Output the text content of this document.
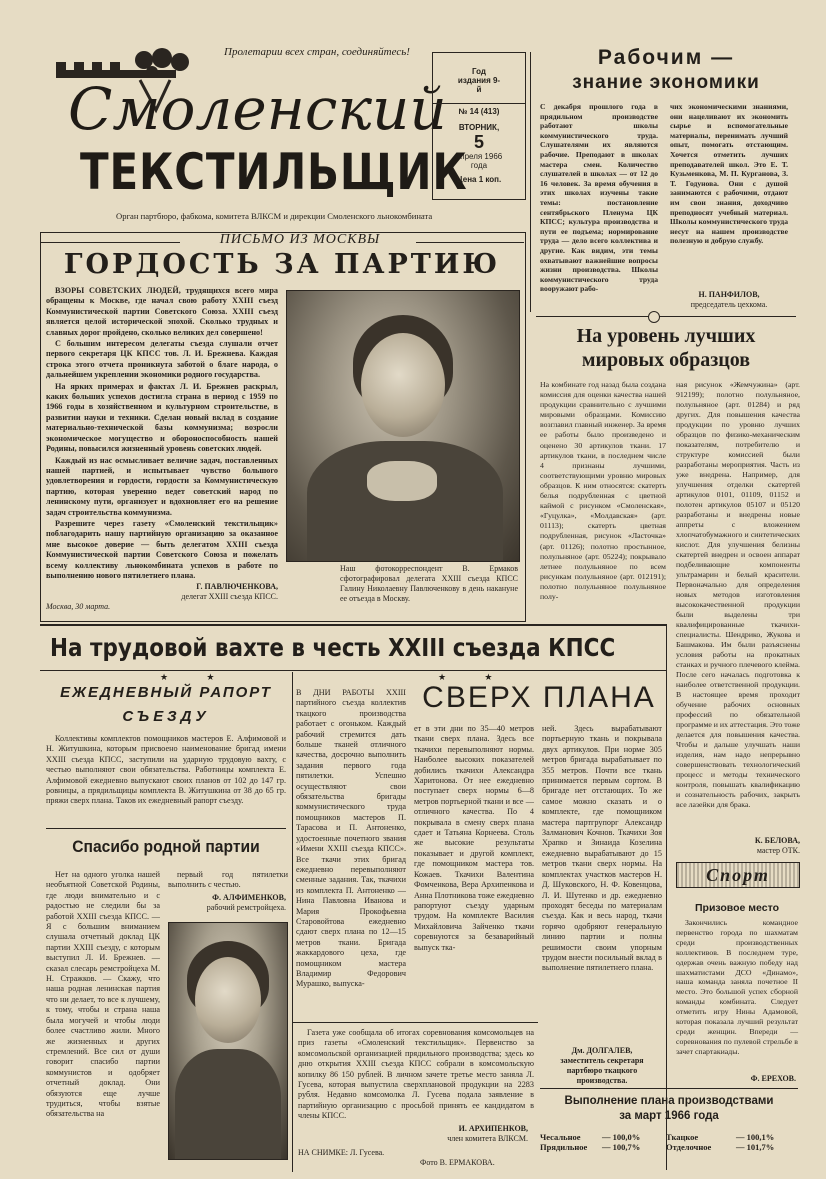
Пролетарии всех стран, соединяйтесь!
Смоленский
ТЕКСТИЛЬЩИК
Орган партбюро, фабкома, комитета ВЛКСМ и дирекции Смоленского льнокомбината
Год издания 9-й
№ 14 (413)
ВТОРНИК,
5
апреля 1966 года
Цена 1 коп.
Рабочим —
знание экономики
С декабря прошлого года в прядильном производстве работают школы коммунистического труда. Слушателями их являются рабочие. Преподают в школах мастера смен. Количество слушателей в школах — от 12 до 16 человек. За время обучения в этих школах изучены такие темы: постановление сентябрьского Пленума ЦК КПСС; культура производства и пути ее подъема; нормирование труда — дело всего коллектива и другие. Как видим, эти темы охватывают важнейшие вопросы жизни производства. Школы коммунистического труда вооружают рабо-
чих экономическими знаниями, они нацеливают их экономить сырье и вспомогательные материалы, перенимать лучший опыт, помогать отстающим. Хочется отметить лучших преподавателей школ. Это Е. Т. Кузьменкова, М. П. Курганова, З. Т. Годунова. Они с душой занимаются с рабочими, отдают им свои знания, доходчиво преподносят учебный материал. Школы коммунистического труда несут на нашем производстве полезную и добрую службу.
Н. ПАНФИЛОВ,
председатель цехкома.
ПИСЬМО ИЗ МОСКВЫ
ГОРДОСТЬ ЗА ПАРТИЮ

ВЗОРЫ СОВЕТСКИХ ЛЮДЕЙ, трудящихся всего мира обращены к Москве, где начал свою работу XXIII съезд Коммунистической партии Советского Союза. XXIII съезд является целой исторической эпохой. Сколько трудных и славных дорог пройдено, сколько великих дел совершено!

С большим интересом делегаты съезда слушали отчет первого секретаря ЦК КПСС тов. Л. И. Брежнева. Каждая строка этого отчета проникнута заботой о благе народа, о дальнейшем укреплении экономики родного государства.

На ярких примерах и фактах Л. И. Брежнев раскрыл, каких больших успехов достигла страна в период с 1959 по 1966 годы в хозяйственном и культурном строительстве, в развитии науки и техники. Сделан новый вклад в создание материально-технической базы коммунизма; возросли экономическое могущество и обороноспособность нашей Родины, повысился жизненный уровень советских людей.

Каждый из нас осмысливает величие задач, поставленных нашей партией, и испытывает чувство большого удовлетворения и гордости, гордости за Коммунистическую партию, которая уверенно ведет советский народ по ленинскому пути, организует и вдохновляет его на решение задач строительства коммунизма.

Разрешите через газету «Смоленский текстильщик» поблагодарить нашу партийную организацию за оказанное мне высокое доверие — быть делегатом XXIII съезда Коммунистической партии Советского Союза и пожелать всему коллективу льнокомбината успехов в работе по выполнению нового пятилетнего плана.

Г. ПАВЛЮЧЕНКОВА,
делегат XXIII съезда КПСС.
Москва, 30 марта.
Наш фотокорреспондент В. Ермаков сфотографировал делегата XXIII съезда КПСС Галину Николаевну Павлюченкову в день накануне ее отъезда в Москву.
На уровень лучших
мировых образцов
На комбинате год назад была создана комиссия для оценки качества нашей продукции сравнительно с лучшими мировыми образцами. Комиссию возглавил главный инженер. За время ее работы было произведено и оценено 30 артикулов ткани. 17 артикулов ткани, в последнем числе 4 признаны лучшими, соответствующими уровню мировых образцов. К ним относятся: скатерть белья подрубленная с цветной каймой с рисунком «Смоленская», «Гуцулка», «Молдавская» (арт. 01113); скатерть цветная подрубленная, рисунок «Ласточка» (арт. 01126); полотно простынное, полульняное (арт. 05224); покрывало летнее полульняное по всем рисункам полульняное (арт. 012191); полотно полульняное полульняное полу-
ная рисунок «Жемчужина» (арт. 912199); полотно полульняное, полульняное (арт. 01284) и ряд других. Для повышения качества продукции по уровню лучших образцов по физико-механическим показателям, потребителю и структуре комиссией были разработаны мероприятия. Часть из уже внедрена. Например, для улучшения отделки скатертей артикулов 0101, 01109, 01152 и полотен артикулов 05107 и 05120 разработаны и внедрены новые аппреты с вложением хлопчатобумажного и синтетических кислот. Для улучшения белизны скатертей внедрен и освоен аппарат подбеливающие компоненты ультрамарин и белый красители. Первоначально для определения новых методов изготовления высококачественной продукции были выделены три квалифицированные ткачихи-специалисты. Шендрико, Жукова и Башмакова. Им были разъяснены условия работы на прокатных станках и ручного плечевого клейма. После сего началась подготовка к наиболее ответственной продукции. В настоящее время проходит обучение рабочих основных профессий по обязательной программе и их аттестация. Это тоже делается для повышения качества. Чтобы и дальше улучшать наши изделия, нам надо непрерывно совершенствовать технологический процесс и методы технического контроля, повышать квалификацию и сознательность рабочих, закрыть все лазейки для брака.
К. БЕЛОВА,
мастер ОТК.
На трудовой вахте в честь XXIII съезда КПСС
★ ★
ЕЖЕДНЕВНЫЙ РАПОРТ
СЪЕЗДУ
Коллективы комплектов помощников мастеров Е. Алфимовой и Н. Житушкина, которым присвоено наименование бригад имени XXIII съезда КПСС, заступили на ударную трудовую вахту, с честью выполняют свои обязательства. Работницы комплекта Е. Алфимовой ежедневно выпускают своих планов от 102 до 147 гр. ровницы, а прядильщицы комплекта В. Житушкина от 38 до 65 гр. пряжи сверх плана. Таков их ежедневный рапорт съезду.
Спасибо родной партии
Нет на одного уголка нашей необъятной Советской Родины, где люди внимательно и с радостью не следили бы за работой XXIII съезда КПСС. — Я с большим вниманием слушала отчетный доклад ЦК партии XXIII съезду, с которым выступил Л. И. Брежнев. — сказал слесарь ремстройцеха М. Н. Стражков. — Скажу, что наша родная ленинская партия что ни делает, то все к лучшему, к тому, чтобы и страна наша была могучей и чтобы люди более счастливо жили. Много же жизненных и других стремлений. Все сил от души говорит спасибо партии коммунистов и одобряет отчетный доклад. Они обязуются еще лучше трудиться, чтобы взятые обязательства на
первый год пятилетки выполнить с честью.
Ф. АЛФИМЕНКОВ,
рабочий ремстройцеха.
★ ★
СВЕРХ ПЛАНА
В ДНИ РАБОТЫ XXIII партийного съезда коллектив ткацкого производства работает с огоньком. Каждый рабочий стремится дать больше тканей отличного качества, досрочно выполнить задания первого года пятилетки. Успешно осуществляют свои обязательства бригады коммунистического труда помощников мастеров П. Тарасова и П. Антоненко, удостоенные почетного звания «Имени XXIII съезда КПСС». Все ткачи этих бригад ежедневно перевыполняют сменные задания. Так, ткачихи из комплекта П. Антоненко — Нина Павловна Иванова и Мария Прокофьевна Старовойтова ежедневно сдают сверх плана по 12—15 метров ткани. Бригада жаккардового цеха, где помощником мастера Владимир Федорович Мурашко, выпуска-
ет в эти дни по 35—40 метров ткани сверх плана. Здесь все ткачихи перевыполняют нормы. Наиболее высоких показателей добились ткачихи Александра Харитонова. От нее ежедневно поступает сверх нормы 6—8 метров портьерной ткани и все — отличного качества. По 4 покрывала в смену сверх плана сдает и Татьяна Корнеева. Столь же высокие результаты показывает и другой комплект, где помощником мастера тов. Кожаев. Ткачихи Валентина Фомченкова, Вера Архипенкова и Анна Плотникова тоже ежедневно рапортуют съезду ударным трудом. На комплекте Василия Михайловича Зайченко ткачи соревнуются за безаварийный выпуск тка-
ней. Здесь вырабатывают портьерную ткань и покрывала двух артикулов. При норме 305 метров бригада вырабатывает по 355 метров. Почти все ткань принимается первым сортом. В бригаде нет отстающих. То же самое можно сказать и о комплекте, где помощником мастера партгрупорг Александр Залманович Кочнов. Ткачихи Зоя Храпко и Зинаида Козелина ежедневно вырабатывают до 15 метров ткани сверх нормы. На комплектах участков мастеров Н. Д. Шуковского, Н. Ф. Ковенцова, Л. И. Шутенко и др. ежедневно проходят беседы по материалам съезда. Как и весь народ, ткачи горячо одобряют генеральную линию партии и полны решимости своим упорным трудом внести посильный вклад в выполнение пятилетнего плана.
Дм. ДОЛГАЛЕВ,
заместитель секретаря партбюро ткацкого производства.
Газета уже сообщала об итогах соревнования комсомольцев на приз газеты «Смоленский текстильщик». Первенство за комсомольской организацией прядильного производства; здесь ко дню открытия XXIII съезда КПСС собрали в комсомольскую копилку 86 150 рублей. В личном зачете третье место заняла Л. Гусева, которая выпустила сверхплановой продукции на 2283 рубля. Недавно комсомолка Л. Гусева подала заявление в партийную организацию с просьбой принять ее кандидатом в члены КПСС.
И. АРХИПЕНКОВ,
член комитета ВЛКСМ.
НА СНИМКЕ: Л. Гусева.
Фото В. ЕРМАКОВА.
Спорт
Призовое место
Закончились командное первенство города по шахматам среди производственных коллективов. В последнем туре, одержав очень важную победу над шахматистами ДСО «Динамо», наша команда заняла почетное II место. Это большой успех сборной команды комбината. Следует отметить игру Нины Адамовой, которая показала лучший результат среди женщин. Впереди — соревнования по пулевой стрельбе в зачет спартакиады.
Ф. ЕРЕХОВ.
Выполнение плана производствами
за март 1966 года
Чесальное	— 100,0%	Ткацкое	— 100,1%
Прядильное	— 100,7%	Отделочное	— 101,7%
